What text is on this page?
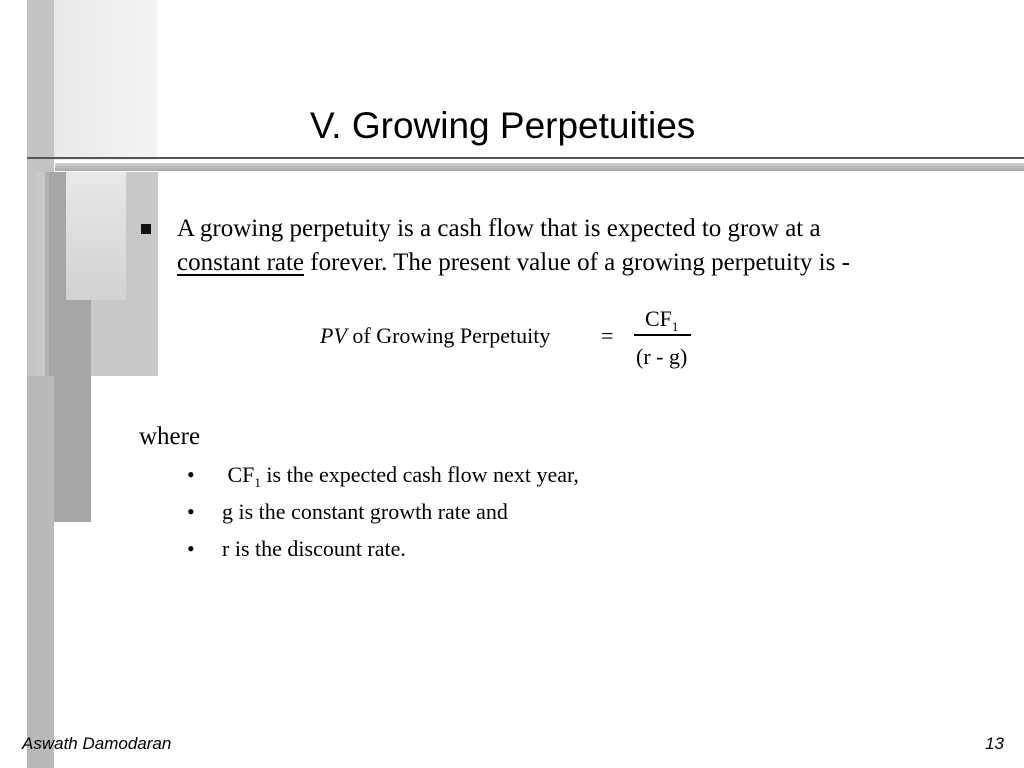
V. Growing Perpetuities
A growing perpetuity is a cash flow that is expected to grow at a
constant rate forever. The present value of a growing perpetuity is -
PV of Growing Perpetuity =
$CF_1$
(r - g)
where
• $CF_1$ is the expected cash flow next year,
• g is the constant growth rate and
• r is the discount rate.
Aswath Damodaran	13
